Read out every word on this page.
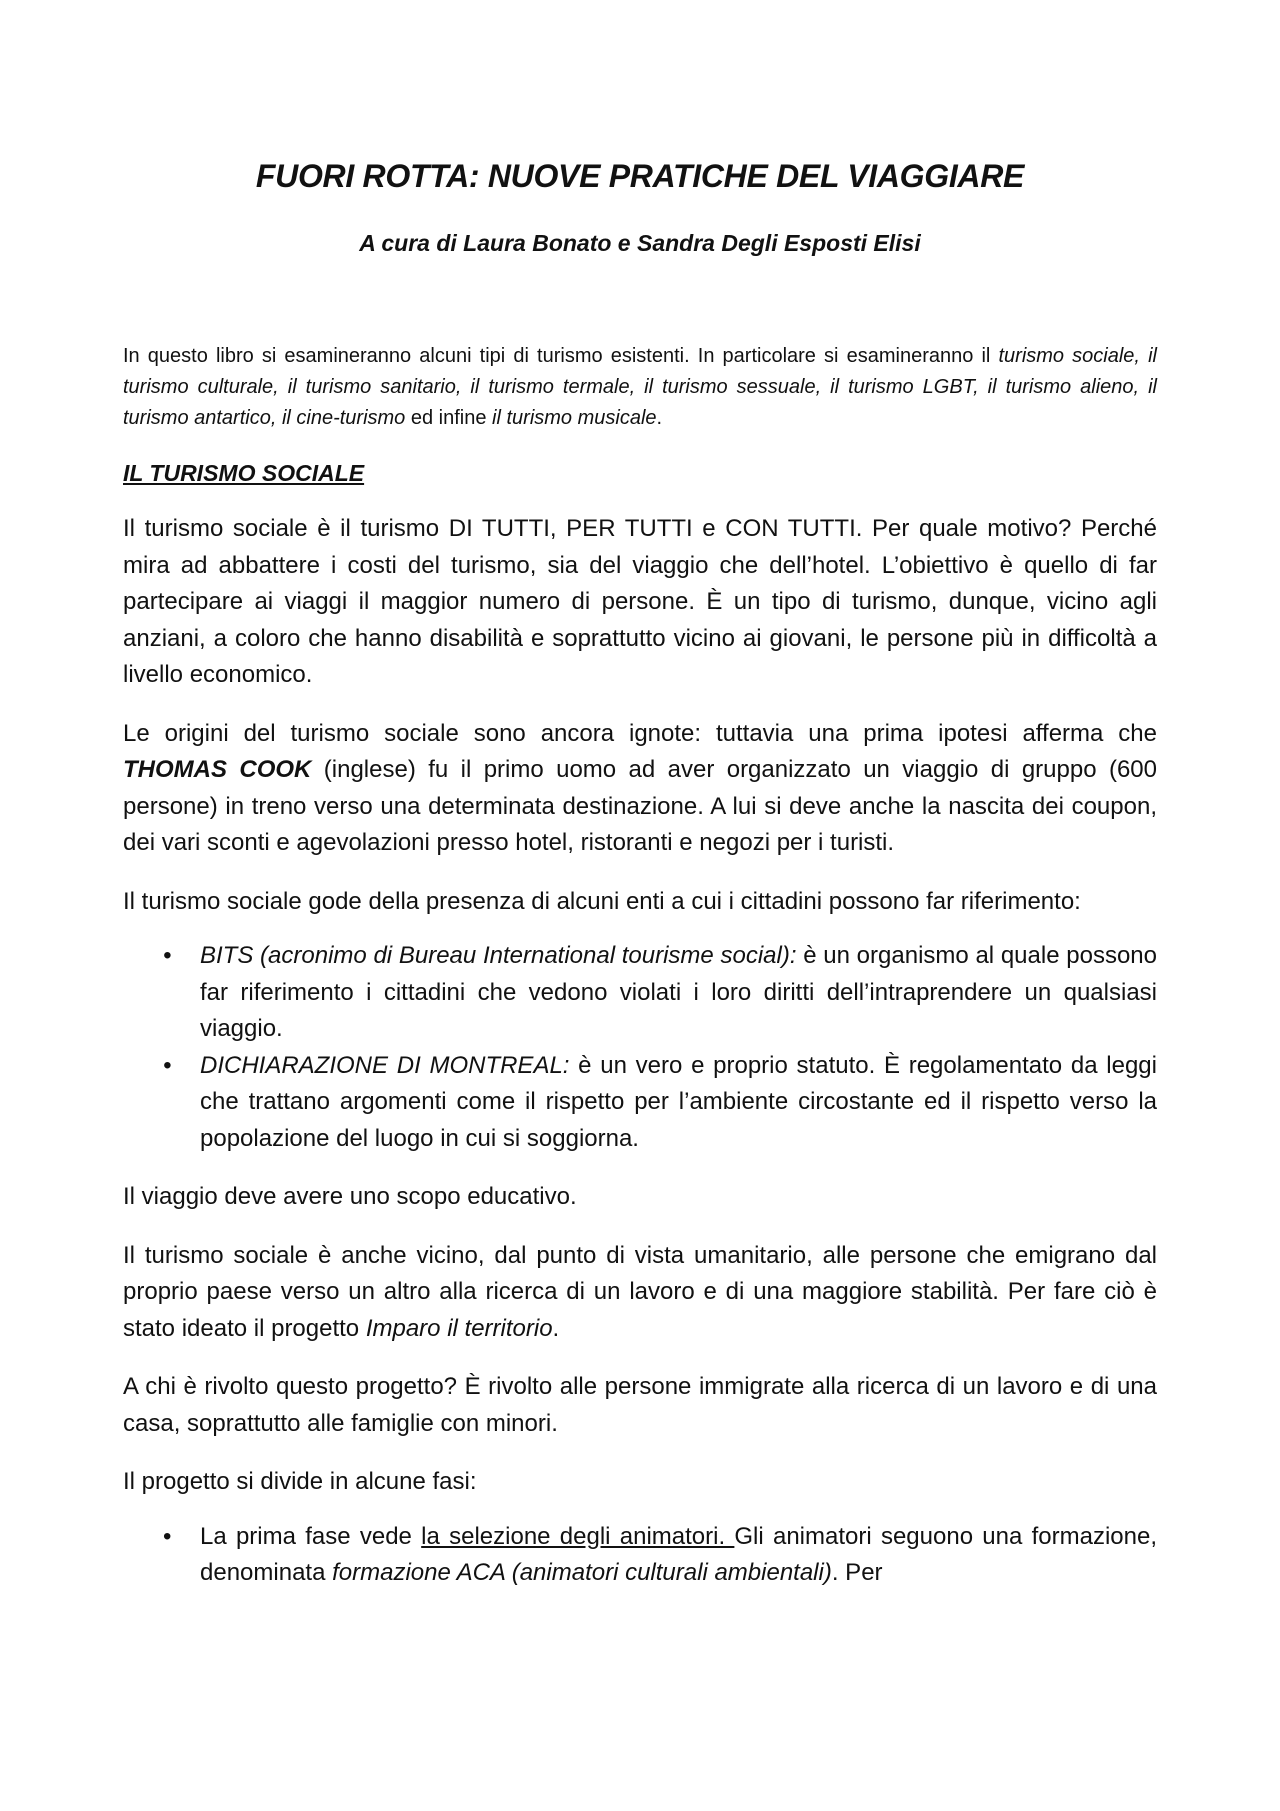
FUORI ROTTA: NUOVE PRATICHE DEL VIAGGIARE
A cura di Laura Bonato e Sandra Degli Esposti Elisi
In questo libro si esamineranno alcuni tipi di turismo esistenti. In particolare si esamineranno il turismo sociale, il turismo culturale, il turismo sanitario, il turismo termale, il turismo sessuale, il turismo LGBT, il turismo alieno, il turismo antartico, il cine-turismo ed infine il turismo musicale.
IL TURISMO SOCIALE

Il turismo sociale è il turismo DI TUTTI, PER TUTTI e CON TUTTI. Per quale motivo? Perché mira ad abbattere i costi del turismo, sia del viaggio che dell’hotel. L’obiettivo è quello di far partecipare ai viaggi il maggior numero di persone. È un tipo di turismo, dunque, vicino agli anziani, a coloro che hanno disabilità e soprattutto vicino ai giovani, le persone più in difficoltà a livello economico.

Le origini del turismo sociale sono ancora ignote: tuttavia una prima ipotesi afferma che THOMAS COOK (inglese) fu il primo uomo ad aver organizzato un viaggio di gruppo (600 persone) in treno verso una determinata destinazione. A lui si deve anche la nascita dei coupon, dei vari sconti e agevolazioni presso hotel, ristoranti e negozi per i turisti.

Il turismo sociale gode della presenza di alcuni enti a cui i cittadini possono far riferimento:

• BITS (acronimo di Bureau International tourisme social): è un organismo al quale possono far riferimento i cittadini che vedono violati i loro diritti dell’intraprendere un qualsiasi viaggio.
• DICHIARAZIONE DI MONTREAL: è un vero e proprio statuto. È regolamentato da leggi che trattano argomenti come il rispetto per l’ambiente circostante ed il rispetto verso la popolazione del luogo in cui si soggiorna.

Il viaggio deve avere uno scopo educativo.

Il turismo sociale è anche vicino, dal punto di vista umanitario, alle persone che emigrano dal proprio paese verso un altro alla ricerca di un lavoro e di una maggiore stabilità. Per fare ciò è stato ideato il progetto Imparo il territorio.

A chi è rivolto questo progetto? È rivolto alle persone immigrate alla ricerca di un lavoro e di una casa, soprattutto alle famiglie con minori.

Il progetto si divide in alcune fasi:

• La prima fase vede la selezione degli animatori. Gli animatori seguono una formazione, denominata formazione ACA (animatori culturali ambientali). Per
